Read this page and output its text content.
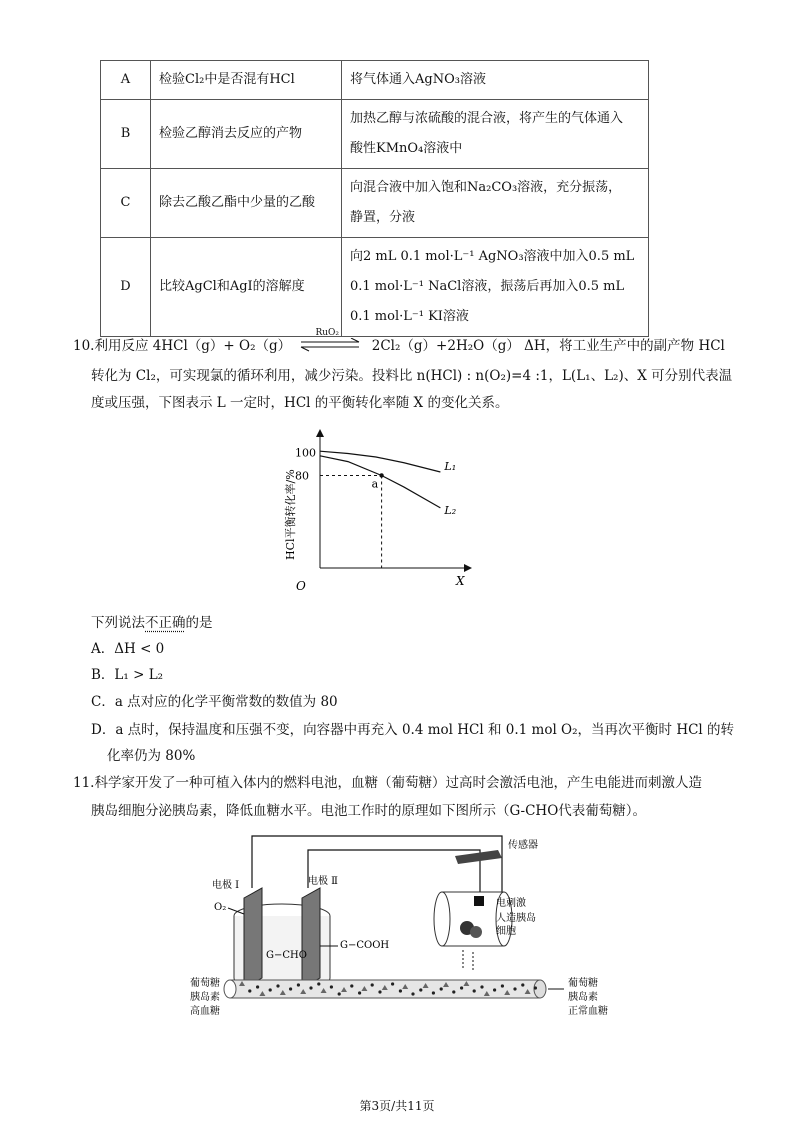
A	检验Cl₂中是否混有HCl	将气体通入AgNO₃溶液

B	检验乙醇消去反应的产物	加热乙醇与浓硫酸的混合液，将产生的气体通入
酸性KMnO₄溶液中

C	除去乙酸乙酯中少量的乙酸	向混合液中加入饱和Na₂CO₃溶液，充分振荡，
静置，分液

D	比较AgCl和AgI的溶解度	向2 mL 0.1 mol·L⁻¹ AgNO₃溶液中加入0.5 mL
0.1 mol·L⁻¹ NaCl溶液，振荡后再加入0.5 mL
0.1 mol·L⁻¹ KI溶液
10.利用反应 4HCl（g）+ O₂（g）
RuO₂
2Cl₂（g）+2H₂O（g） ΔH，将工业生产中的副产物 HCl
转化为 Cl₂，可实现氯的循环利用，减少污染。投料比 n(HCl) : n(O₂)=4 :1，L(L₁、L₂)、X 可分别代表温
度或压强，下图表示 L 一定时，HCl 的平衡转化率随 X 的变化关系。
O	X
HCl平衡转化率/%
80
100
L₁
L₂
a
下列说法不正确的是
A．ΔH < 0
B．L₁ > L₂
C．a 点对应的化学平衡常数的数值为 80
D．a 点时，保持温度和压强不变，向容器中再充入 0.4 mol HCl 和 0.1 mol O₂，当再次平衡时 HCl 的转
化率仍为 80%
11.科学家开发了一种可植入体内的燃料电池，血糖（葡萄糖）过高时会激活电池，产生电能进而刺激人造
胰岛细胞分泌胰岛素，降低血糖水平。电池工作时的原理如下图所示（G-CHO代表葡萄糖）。
传感器
电极 Ⅰ	电极 Ⅱ
O₂
G−CHO
G−COOH
电刺激
人造胰岛
细胞
葡萄糖
胰岛素
高血糖
葡萄糖
胰岛素
正常血糖
第3页/共11页
